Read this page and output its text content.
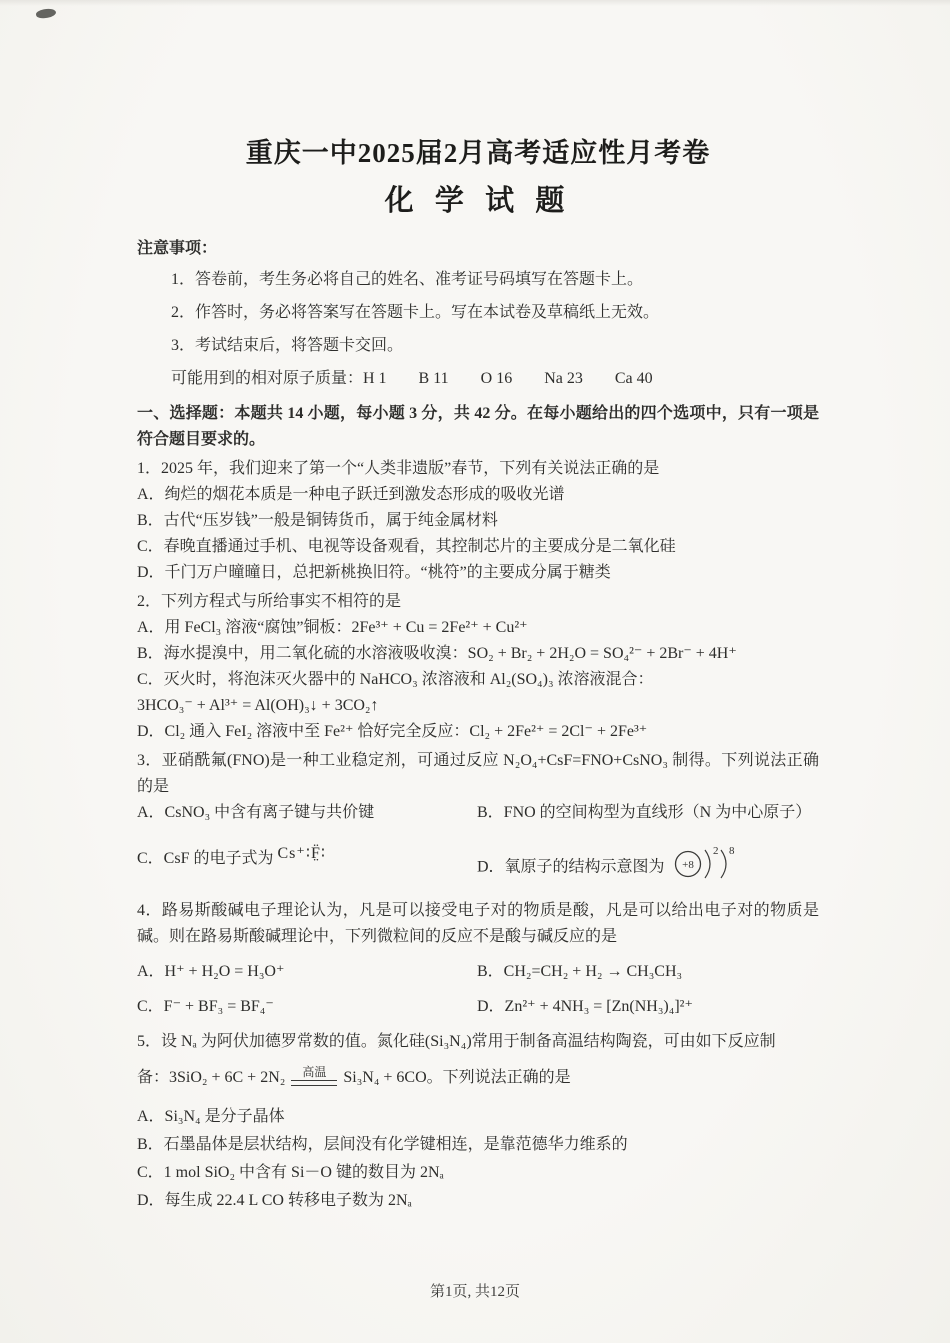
重庆一中2025届2月高考适应性月考卷
化 学 试 题

注意事项：

1．答卷前，考生务必将自己的姓名、准考证号码填写在答题卡上。

2．作答时，务必将答案写在答题卡上。写在本试卷及草稿纸上无效。

3．考试结束后，将答题卡交回。

可能用到的相对原子质量：H 1　　B 11　　O 16　　Na 23　　Ca 40

一、选择题：本题共 14 小题，每小题 3 分，共 42 分。在每小题给出的四个选项中，只有一项是符合题目要求的。

1．2025 年，我们迎来了第一个“人类非遗版”春节，下列有关说法正确的是

A．绚烂的烟花本质是一种电子跃迁到激发态形成的吸收光谱

B．古代“压岁钱”一般是铜铸货币，属于纯金属材料

C．春晚直播通过手机、电视等设备观看，其控制芯片的主要成分是二氧化硅

D．千门万户曈曈日，总把新桃换旧符。“桃符”的主要成分属于糖类

2．下列方程式与所给事实不相符的是

A．用 FeCl₃ 溶液“腐蚀”铜板：2Fe³⁺ + Cu = 2Fe²⁺ + Cu²⁺

B．海水提溴中，用二氧化硫的水溶液吸收溴：SO₂ + Br₂ + 2H₂O = SO₄²⁻ + 2Br⁻ + 4H⁺

C．灭火时，将泡沫灭火器中的 NaHCO₃ 浓溶液和 Al₂(SO₄)₃ 浓溶液混合：

3HCO₃⁻ + Al³⁺ = Al(OH)₃↓ + 3CO₂↑

D．Cl₂ 通入 FeI₂ 溶液中至 Fe²⁺ 恰好完全反应：Cl₂ + 2Fe²⁺ = 2Cl⁻ + 2Fe³⁺

3．亚硝酰氟(FNO)是一种工业稳定剂，可通过反应 N₂O₄+CsF=FNO+CsNO₃ 制得。下列说法正确的是

A．CsNO₃ 中含有离子键与共价键	B．FNO 的空间构型为直线形（N 为中心原子）

C．CsF 的电子式为 Cs⁺∶F̤̈∶

D．氧原子的结构示意图为 +8
2 8

4．路易斯酸碱电子理论认为，凡是可以接受电子对的物质是酸，凡是可以给出电子对的物质是碱。则在路易斯酸碱理论中，下列微粒间的反应不是酸与碱反应的是

A．H⁺ + H₂O = H₃O⁺	B．CH₂=CH₂ + H₂ → CH₃CH₃

C．F⁻ + BF₃ = BF₄⁻	D．Zn²⁺ + 4NH₃ = [Zn(NH₃)₄]²⁺

5．设 Nₐ 为阿伏加德罗常数的值。氮化硅(Si₃N₄)常用于制备高温结构陶瓷，可由如下反应制

备：3SiO₂ + 6C + 2N₂ 高温 Si₃N₄ + 6CO。下列说法正确的是

A．Si₃N₄ 是分子晶体

B．石墨晶体是层状结构，层间没有化学键相连，是靠范德华力维系的

C．1 mol SiO₂ 中含有 Si－O 键的数目为 2Nₐ

D．每生成 22.4 L CO 转移电子数为 2Nₐ

第1页, 共12页
